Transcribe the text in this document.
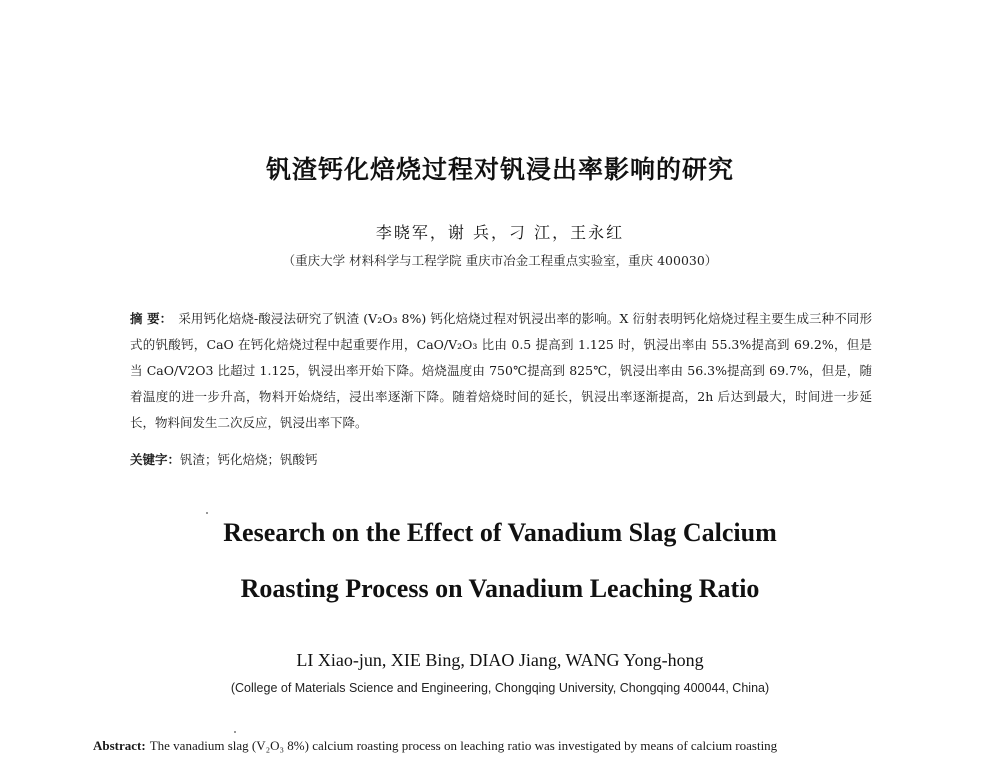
钒渣钙化焙烧过程对钒浸出率影响的研究
李晓军，谢 兵，刁 江，王永红
（重庆大学 材料科学与工程学院 重庆市冶金工程重点实验室，重庆 400030）
摘 要： 采用钙化焙烧-酸浸法研究了钒渣 (V₂O₃ 8%) 钙化焙烧过程对钒浸出率的影响。X 衍射表明钙化焙烧过程主要生成三种不同形式的钒酸钙，CaO 在钙化焙烧过程中起重要作用，CaO/V₂O₃ 比由 0.5 提高到 1.125 时，钒浸出率由 55.3%提高到 69.2%，但是当 CaO/V2O3 比超过 1.125，钒浸出率开始下降。焙烧温度由 750℃提高到 825℃，钒浸出率由 56.3%提高到 69.7%，但是，随着温度的进一步升高，物料开始烧结，浸出率逐渐下降。随着焙烧时间的延长，钒浸出率逐渐提高，2h 后达到最大，时间进一步延长，物料间发生二次反应，钒浸出率下降。
关键字：钒渣；钙化焙烧；钒酸钙
Research on the Effect of Vanadium Slag Calcium
Roasting Process on Vanadium Leaching Ratio
LI Xiao-jun, XIE Bing, DIAO Jiang, WANG Yong-hong
(College of Materials Science and Engineering, Chongqing University, Chongqing 400044, China)
Abstract: The vanadium slag (V₂O₃ 8%) calcium roasting process on leaching ratio was investigated by means of calcium roasting
